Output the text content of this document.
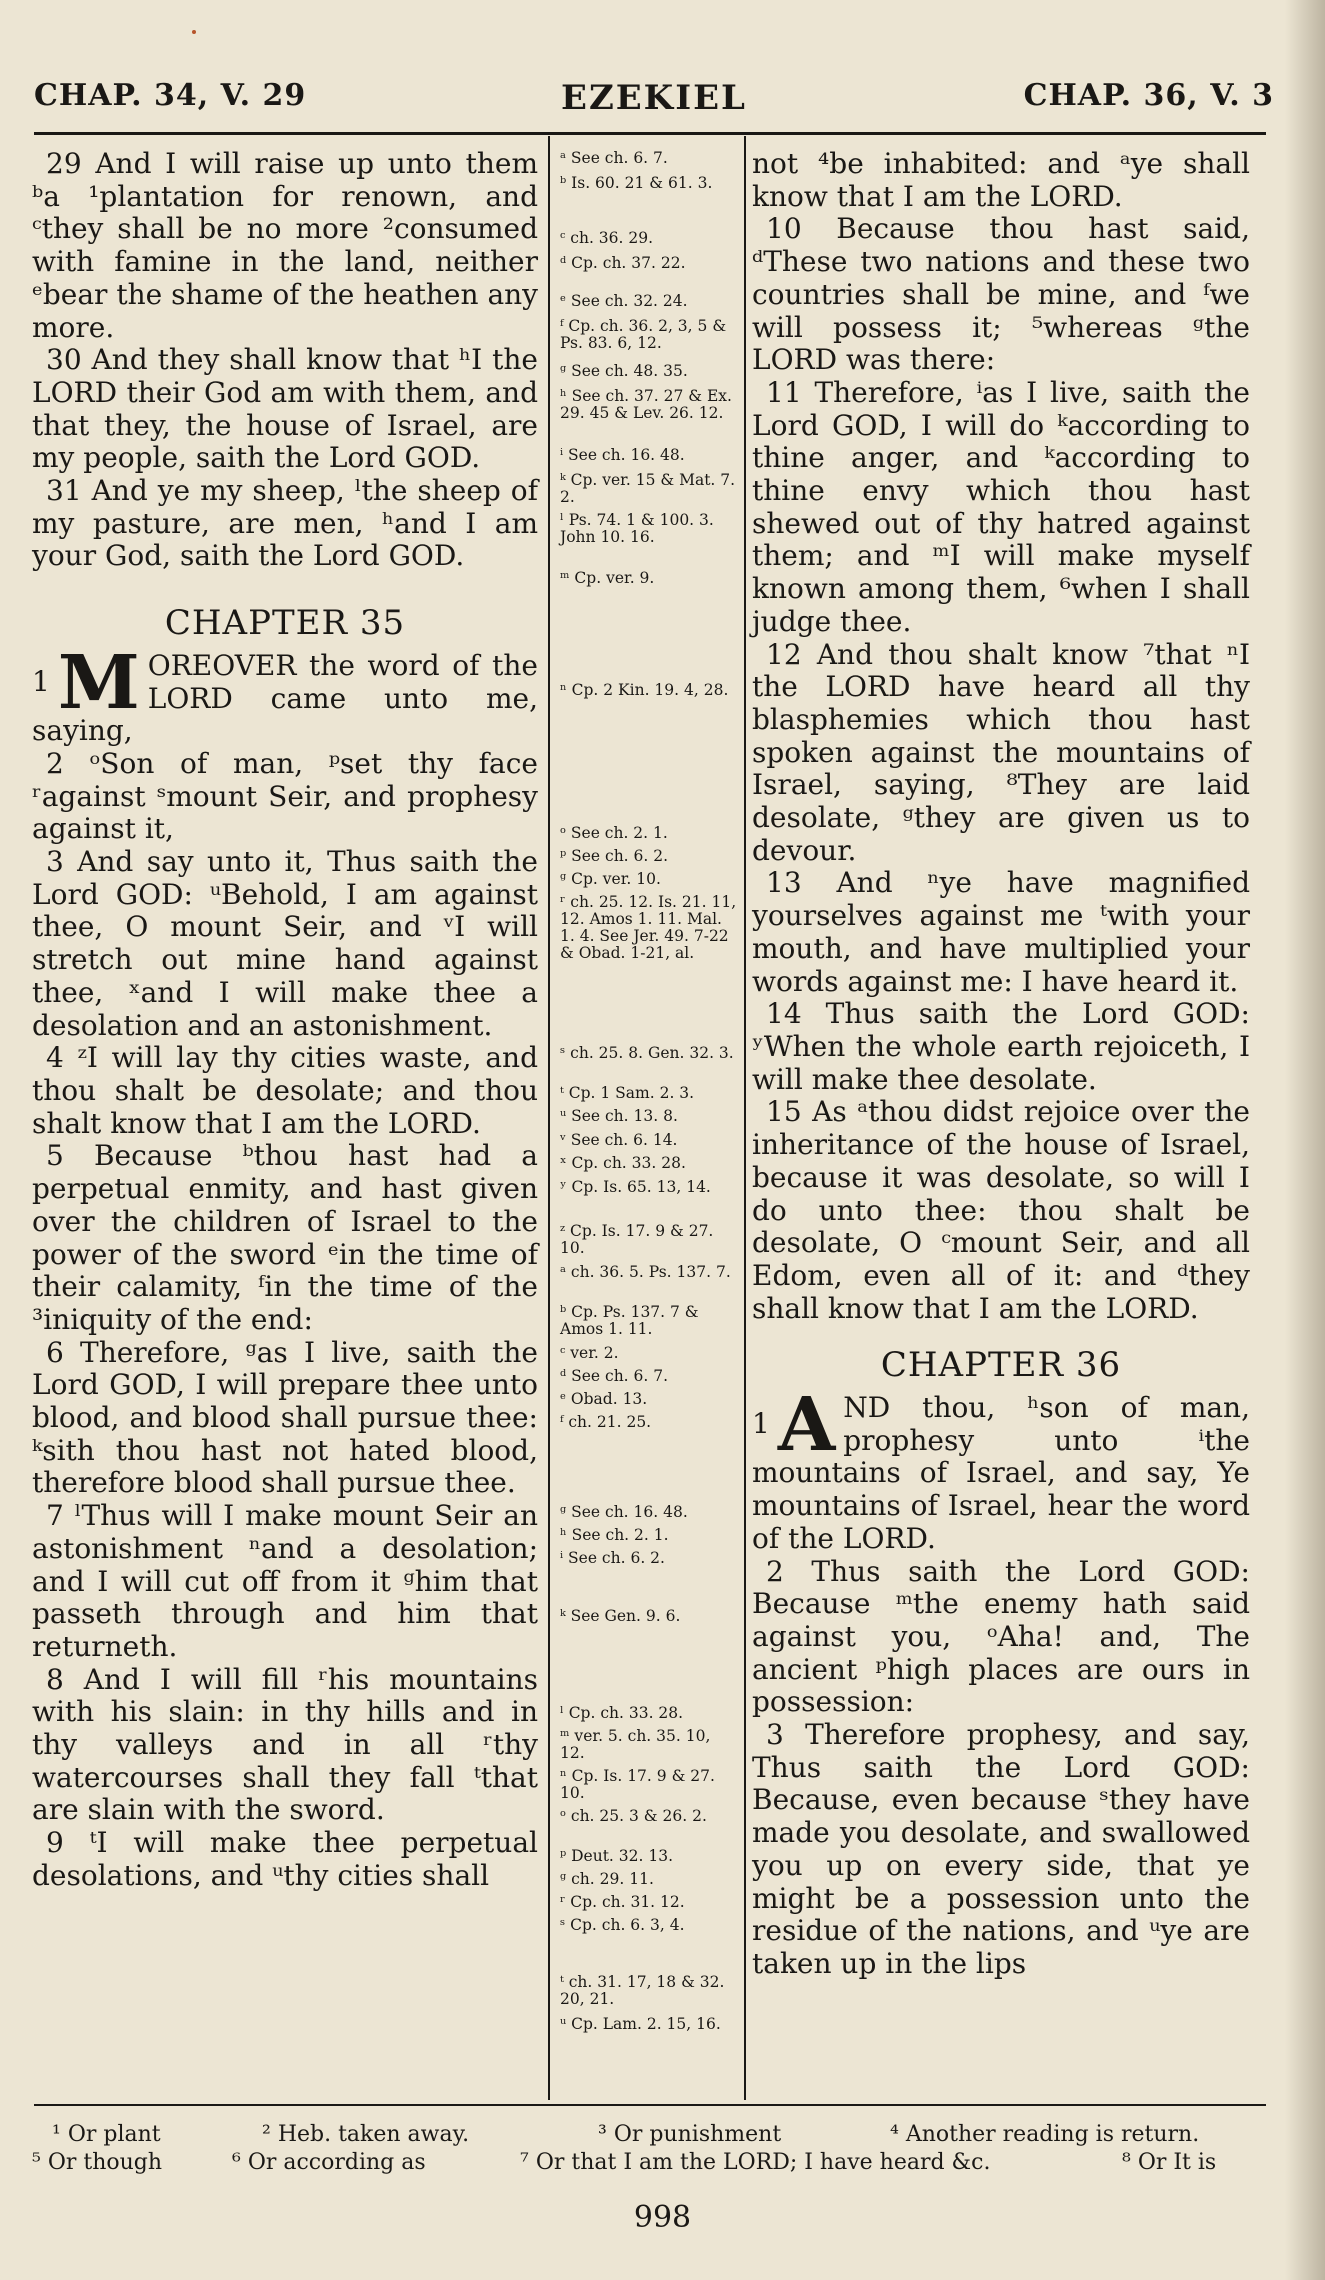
CHAP. 34, V. 29	EZEKIEL	CHAP. 36, V. 3

29 And I will raise up unto them ᵇa ¹plantation for renown, and ᶜthey shall be no more ²consumed with famine in the land, neither ᵉbear the shame of the heathen any more.

30 And they shall know that ʰI the LORD their God am with them, and that they, the house of Israel, are my people, saith the Lord GOD.

31 And ye my sheep, ˡthe sheep of my pasture, are men, ʰand I am your God, saith the Lord GOD.

CHAPTER 35

1 M OREOVER the word of the LORD came unto me, saying,

2 ᵒSon of man, ᵖset thy face ʳagainst ˢmount Seir, and prophesy against it,

3 And say unto it, Thus saith the Lord GOD: ᵘBehold, I am against thee, O mount Seir, and ᵛI will stretch out mine hand against thee, ˣand I will make thee a desolation and an astonishment.

4 ᶻI will lay thy cities waste, and thou shalt be desolate; and thou shalt know that I am the LORD.

5 Because ᵇthou hast had a perpetual enmity, and hast given over the children of Israel to the power of the sword ᵉin the time of their calamity, ᶠin the time of the ³iniquity of the end:

6 Therefore, ᵍas I live, saith the Lord GOD, I will prepare thee unto blood, and blood shall pursue thee: ᵏsith thou hast not hated blood, therefore blood shall pursue thee.

7 ˡThus will I make mount Seir an astonishment ⁿand a desolation; and I will cut off from it ᵍhim that passeth through and him that returneth.

8 And I will fill ʳhis mountains with his slain: in thy hills and in thy valleys and in all ʳthy watercourses shall they fall ᵗthat are slain with the sword.

9 ᵗI will make thee perpetual desolations, and ᵘthy cities shall

ᵃ See ch. 6. 7.
ᵇ Is. 60. 21 & 61. 3.
ᶜ ch. 36. 29.
ᵈ Cp. ch. 37. 22.
ᵉ See ch. 32. 24.
ᶠ Cp. ch. 36. 2, 3, 5 & Ps. 83. 6, 12.
ᵍ See ch. 48. 35.
ʰ See ch. 37. 27 & Ex. 29. 45 & Lev. 26. 12.
ⁱ See ch. 16. 48.
ᵏ Cp. ver. 15 & Mat. 7. 2.
ˡ Ps. 74. 1 & 100. 3. John 10. 16.
ᵐ Cp. ver. 9.
ⁿ Cp. 2 Kin. 19. 4, 28.
ᵒ See ch. 2. 1.
ᵖ See ch. 6. 2.
ᵍ Cp. ver. 10.
ʳ ch. 25. 12. Is. 21. 11, 12. Amos 1. 11. Mal. 1. 4. See Jer. 49. 7-22 & Obad. 1-21, al.
ˢ ch. 25. 8. Gen. 32. 3.
ᵗ Cp. 1 Sam. 2. 3.
ᵘ See ch. 13. 8.
ᵛ See ch. 6. 14.
ˣ Cp. ch. 33. 28.
ʸ Cp. Is. 65. 13, 14.
ᶻ Cp. Is. 17. 9 & 27. 10.
ᵃ ch. 36. 5. Ps. 137. 7.
ᵇ Cp. Ps. 137. 7 & Amos 1. 11.
ᶜ ver. 2.
ᵈ See ch. 6. 7.
ᵉ Obad. 13.
ᶠ ch. 21. 25.
ᵍ See ch. 16. 48.
ʰ See ch. 2. 1.
ⁱ See ch. 6. 2.
ᵏ See Gen. 9. 6.
ˡ Cp. ch. 33. 28.
ᵐ ver. 5. ch. 35. 10, 12.
ⁿ Cp. Is. 17. 9 & 27. 10.
ᵒ ch. 25. 3 & 26. 2.
ᵖ Deut. 32. 13.
ᵍ ch. 29. 11.
ʳ Cp. ch. 31. 12.
ˢ Cp. ch. 6. 3, 4.
ᵗ ch. 31. 17, 18 & 32. 20, 21.
ᵘ Cp. Lam. 2. 15, 16.

not ⁴be inhabited: and ᵃye shall know that I am the LORD.

10 Because thou hast said, ᵈThese two nations and these two countries shall be mine, and ᶠwe will possess it; ⁵whereas ᵍthe LORD was there:

11 Therefore, ⁱas I live, saith the Lord GOD, I will do ᵏaccording to thine anger, and ᵏaccording to thine envy which thou hast shewed out of thy hatred against them; and ᵐI will make myself known among them, ⁶when I shall judge thee.

12 And thou shalt know ⁷that ⁿI the LORD have heard all thy blasphemies which thou hast spoken against the mountains of Israel, saying, ⁸They are laid desolate, ᵍthey are given us to devour.

13 And ⁿye have magnified yourselves against me ᵗwith your mouth, and have multiplied your words against me: I have heard it.

14 Thus saith the Lord GOD: ʸWhen the whole earth rejoiceth, I will make thee desolate.

15 As ᵃthou didst rejoice over the inheritance of the house of Israel, because it was desolate, so will I do unto thee: thou shalt be desolate, O ᶜmount Seir, and all Edom, even all of it: and ᵈthey shall know that I am the LORD.

CHAPTER 36

1 A ND thou, ʰson of man, prophesy unto ⁱthe mountains of Israel, and say, Ye mountains of Israel, hear the word of the LORD.

2 Thus saith the Lord GOD: Because ᵐthe enemy hath said against you, ᵒAha! and, The ancient ᵖhigh places are ours in possession:

3 Therefore prophesy, and say, Thus saith the Lord GOD: Because, even because ˢthey have made you desolate, and swallowed you up on every side, that ye might be a possession unto the residue of the nations, and ᵘye are taken up in the lips

¹ Or plant	² Heb. taken away.	³ Or punishment	⁴ Another reading is return.
⁵ Or though	⁶ Or according as	⁷ Or that I am the LORD; I have heard &c.	⁸ Or It is
998
